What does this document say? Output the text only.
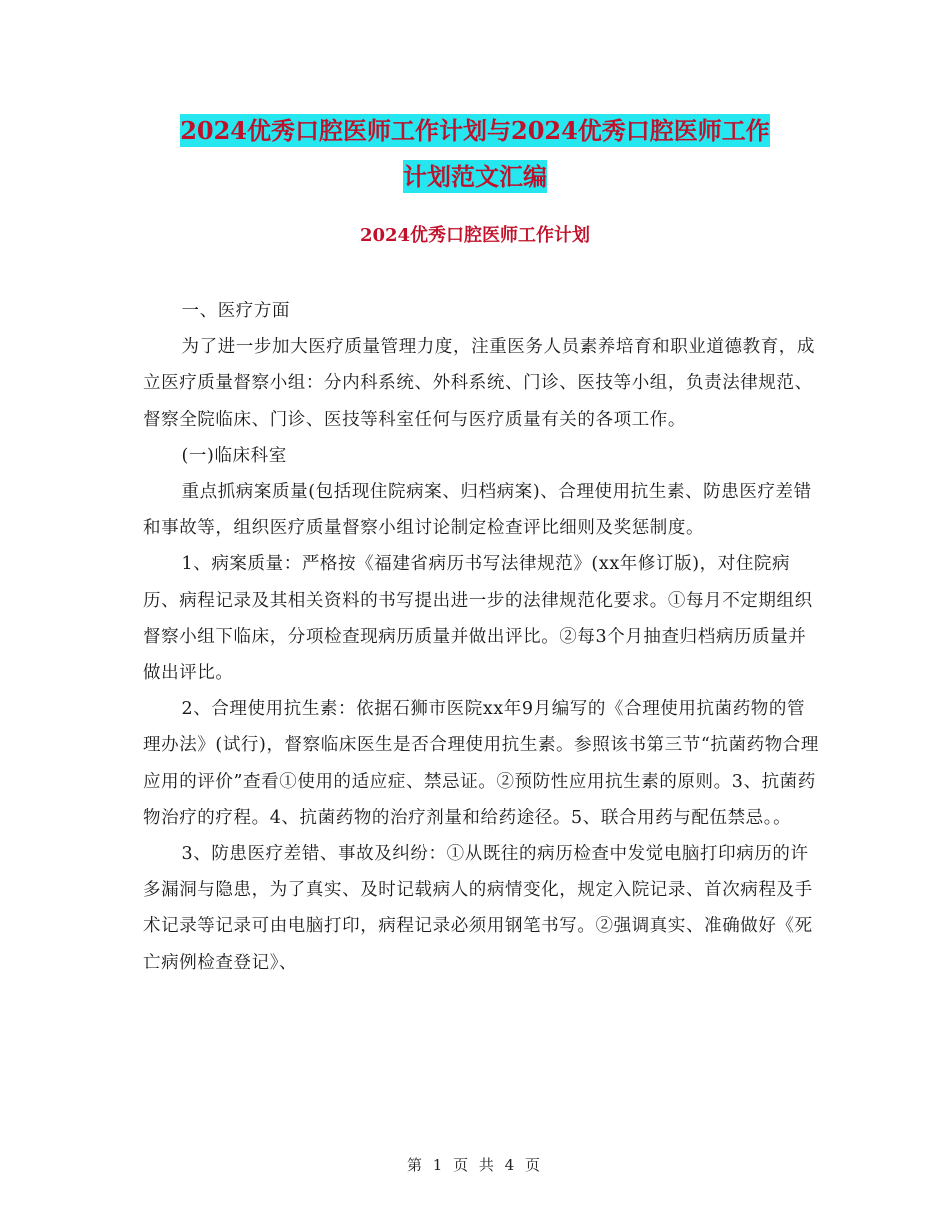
2024优秀口腔医师工作计划与2024优秀口腔医师工作
计划范文汇编
2024优秀口腔医师工作计划

一、医疗方面

为了进一步加大医疗质量管理力度，注重医务人员素养培育和职业道德教育，成立医疗质量督察小组：分内科系统、外科系统、门诊、医技等小组，负责法律规范、督察全院临床、门诊、医技等科室任何与医疗质量有关的各项工作。

(一)临床科室

重点抓病案质量(包括现住院病案、归档病案)、合理使用抗生素、防患医疗差错和事故等，组织医疗质量督察小组讨论制定检查评比细则及奖惩制度。

1、病案质量：严格按《福建省病历书写法律规范》(xx年修订版)，对住院病历、病程记录及其相关资料的书写提出进一步的法律规范化要求。①每月不定期组织督察小组下临床，分项检查现病历质量并做出评比。②每3个月抽查归档病历质量并做出评比。

2、合理使用抗生素：依据石狮市医院xx年9月编写的《合理使用抗菌药物的管理办法》(试行)，督察临床医生是否合理使用抗生素。参照该书第三节“抗菌药物合理应用的评价”查看①使用的适应症、禁忌证。②预防性应用抗生素的原则。3、抗菌药物治疗的疗程。4、抗菌药物的治疗剂量和给药途径。5、联合用药与配伍禁忌。。

3、防患医疗差错、事故及纠纷：①从既往的病历检查中发觉电脑打印病历的许多漏洞与隐患，为了真实、及时记载病人的病情变化，规定入院记录、首次病程及手术记录等记录可由电脑打印，病程记录必须用钢笔书写。②强调真实、准确做好《死亡病例检查登记》、

第 1 页 共 4 页
